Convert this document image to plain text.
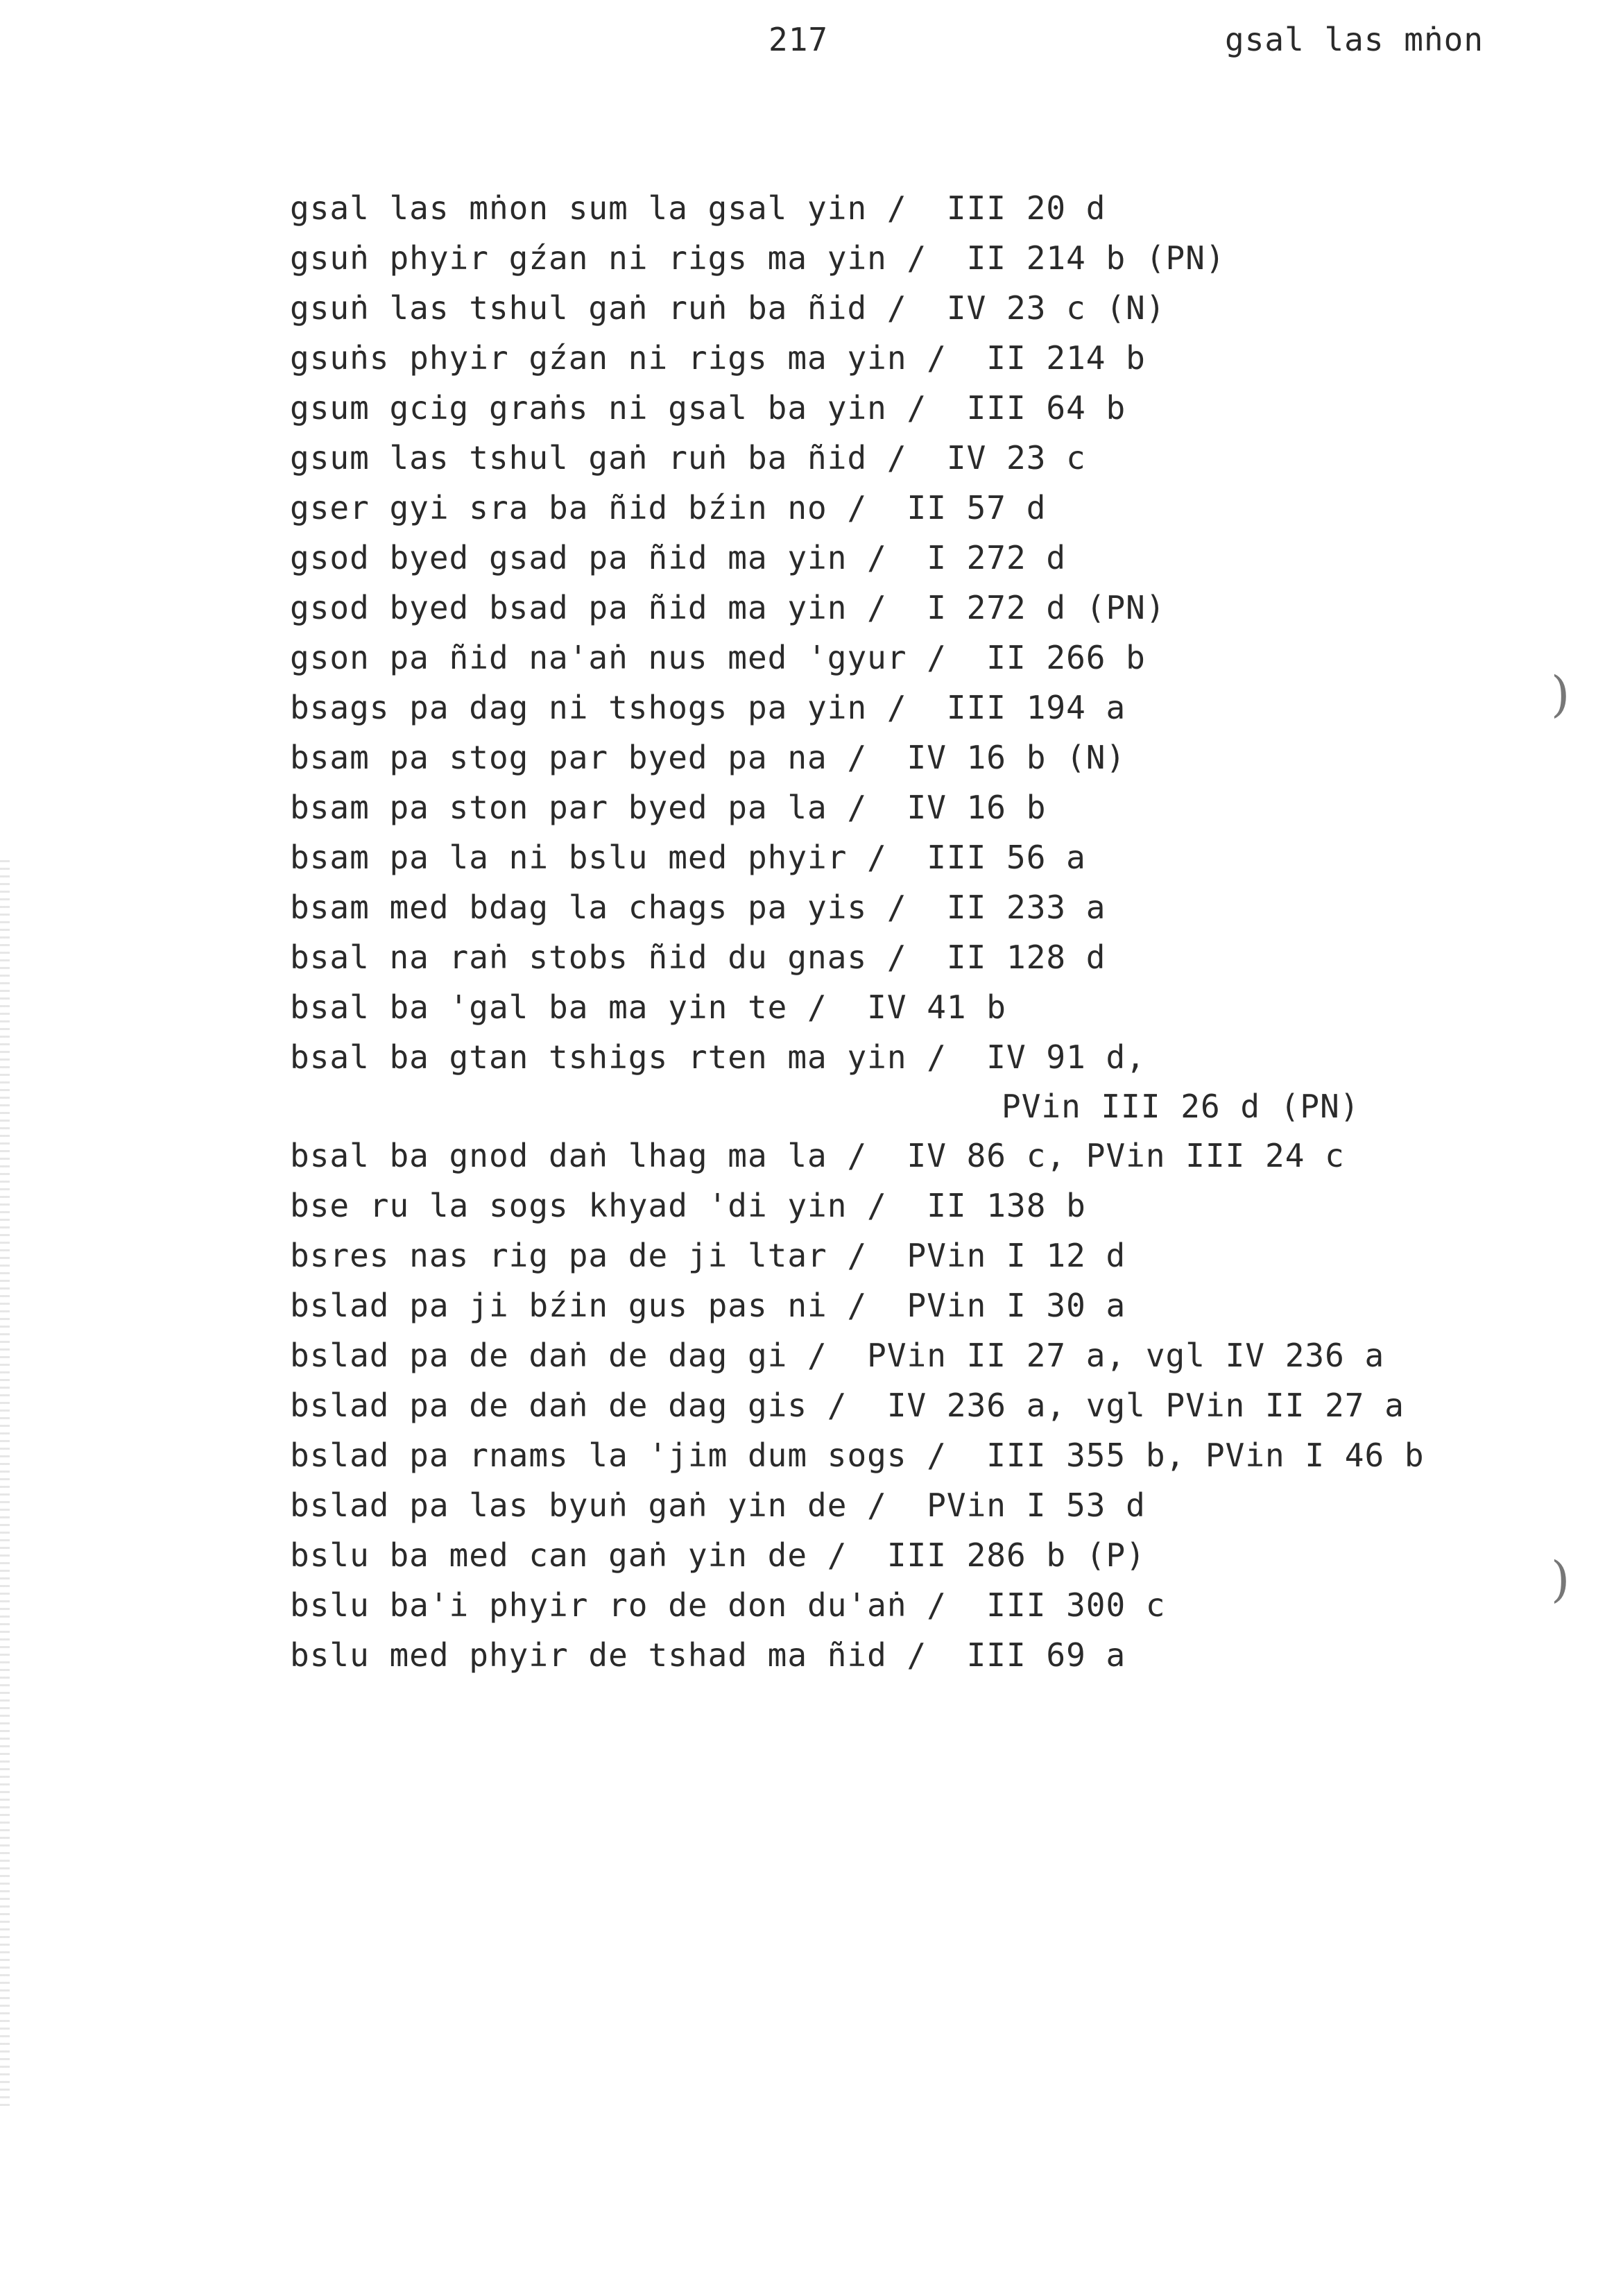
217	gsal las mṅon
gsal las mṅon sum la gsal yin /  III 20 d
gsuṅ phyir gźan ni rigs ma yin /  II 214 b (PN)
gsuṅ las tshul gaṅ ruṅ ba ñid /  IV 23 c (N)
gsuṅs phyir gźan ni rigs ma yin /  II 214 b
gsum gcig graṅs ni gsal ba yin /  III 64 b
gsum las tshul gaṅ ruṅ ba ñid /  IV 23 c
gser gyi sra ba ñid bźin no /  II 57 d
gsod byed gsad pa ñid ma yin /  I 272 d
gsod byed bsad pa ñid ma yin /  I 272 d (PN)
gson pa ñid na'aṅ nus med 'gyur /  II 266 b
bsags pa dag ni tshogs pa yin /  III 194 a
bsam pa stog par byed pa na /  IV 16 b (N)
bsam pa ston par byed pa la /  IV 16 b
bsam pa la ni bslu med phyir /  III 56 a
bsam med bdag la chags pa yis /  II 233 a
bsal na raṅ stobs ñid du gnas /  II 128 d
bsal ba 'gal ba ma yin te /  IV 41 b
bsal ba gtan tshigs rten ma yin /  IV 91 d,
PVin III 26 d (PN)
bsal ba gnod daṅ lhag ma la /  IV 86 c, PVin III 24 c
bse ru la sogs khyad 'di yin /  II 138 b
bsres nas rig pa de ji ltar /  PVin I 12 d
bslad pa ji bźin gus pas ni /  PVin I 30 a
bslad pa de daṅ de dag gi /  PVin II 27 a, vgl IV 236 a
bslad pa de daṅ de dag gis /  IV 236 a, vgl PVin II 27 a
bslad pa rnams la 'jim dum sogs /  III 355 b, PVin I 46 b
bslad pa las byuṅ gaṅ yin de /  PVin I 53 d
bslu ba med can gaṅ yin de /  III 286 b (P)
bslu ba'i phyir ro de don du'aṅ /  III 300 c
bslu med phyir de tshad ma ñid /  III 69 a
)
)
